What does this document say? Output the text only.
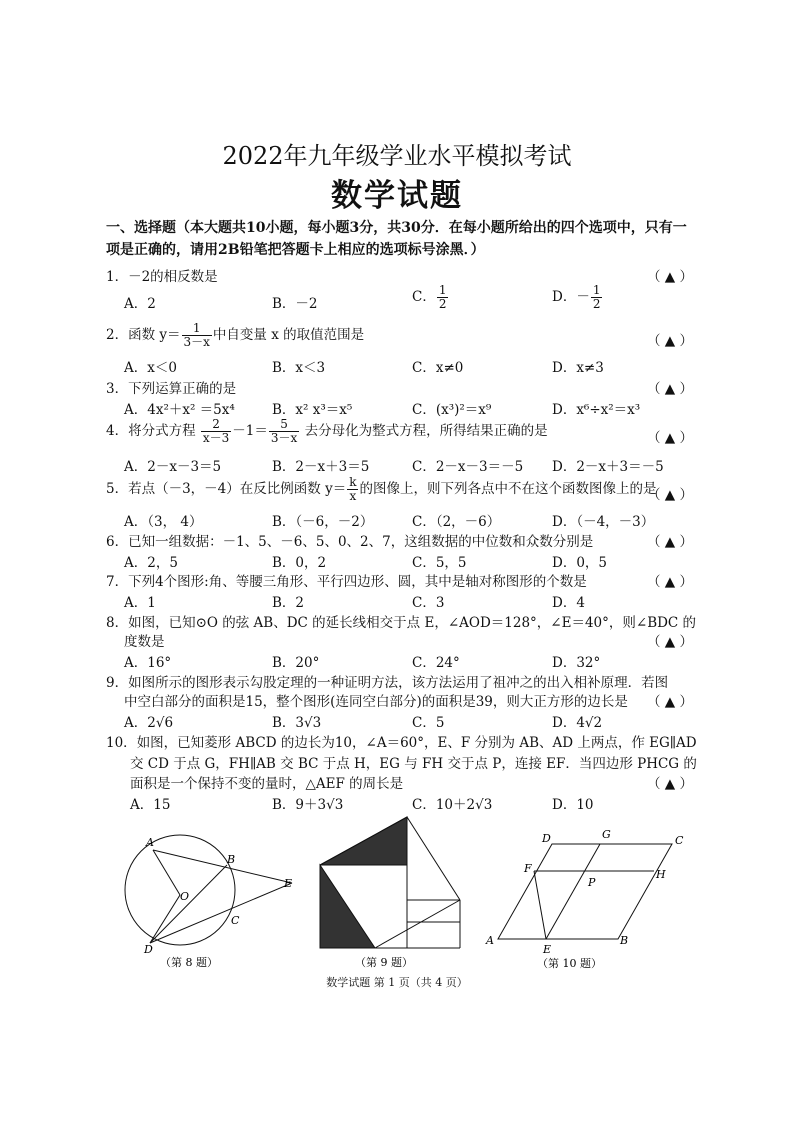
2022年九年级学业水平模拟考试
数学试题
一、选择题（本大题共10小题，每小题3分，共30分．在每小题所给出的四个选项中，只有一
项是正确的，请用2B铅笔把答题卡上相应的选项标号涂黑．）
1．－2的相反数是	（ ▲ ）
A．2	B．－2	C． $\frac{1}{2}$	D．－ $\frac{1}{2}$
2．函数 $y= \frac{1}{3-x}$ 中自变量 x 的取值范围是	（ ▲ ）
A．x＜0	B．x＜3	C．x≠0	D．x≠3
3．下列运算正确的是	（ ▲ ）
A．4x²＋x² ＝5x⁴	B．x² x³＝x⁵	C．(x³)²＝x⁹	D．x⁶÷x²＝x³
4．将分式方程 $\frac{2}{x-3} -1= \frac{5}{3-x}$ 去分母化为整式方程，所得结果正确的是	（ ▲ ）
A．2－x－3＝5	B．2－x＋3＝5	C．2－x－3＝－5 D．2－x＋3＝－5
5．若点（－3，－4）在反比例函数 $y= \frac{k}{x}$ 的图像上，则下列各点中不在这个函数图像上的是
（ ▲ ）
A．（3， 4）	B．（－6，－2）	C．（2，－6）	D．（－4，－3）
6．已知一组数据：－1、5、－6、5、0、2、7，这组数据的中位数和众数分别是	（ ▲ ）
A．2，5	B．0，2	C．5，5	D．0，5
7．下列4个图形:角、等腰三角形、平行四边形、圆，其中是轴对称图形的个数是	（ ▲ ）
A．1	B．2	C．3	D．4
8．如图，已知⊙O 的弦 AB、DC 的延长线相交于点 E，∠AOD＝128°，∠E＝40°，则∠BDC 的
度数是	（ ▲ ）
A．16°	B．20°	C．24°	D．32°
9．如图所示的图形表示勾股定理的一种证明方法，该方法运用了祖冲之的出入相补原理．若图
中空白部分的面积是15，整个图形(连同空白部分)的面积是39，则大正方形的边长是 （ ▲ ）
A．2√6	B．3√3	C．5	D．4√2
10．如图，已知菱形 ABCD 的边长为10，∠A＝60°，E、F 分别为 AB、AD 上两点，作 EG∥AD
交 CD 于点 G，FH∥AB 交 BC 于点 H，EG 与 FH 交于点 P，连接 EF．当四边形 PHCG 的
面积是一个保持不变的量时，△AEF 的周长是	（ ▲ ）
A．15	B．9＋3√3	C．10＋2√3	D．10
A
B
O
E
C
D
（第 8 题）	（第 9 题）
D	G	C
F
P
H
A
E
B
（第 10 题）
数学试题 第 1 页（共 4 页）
